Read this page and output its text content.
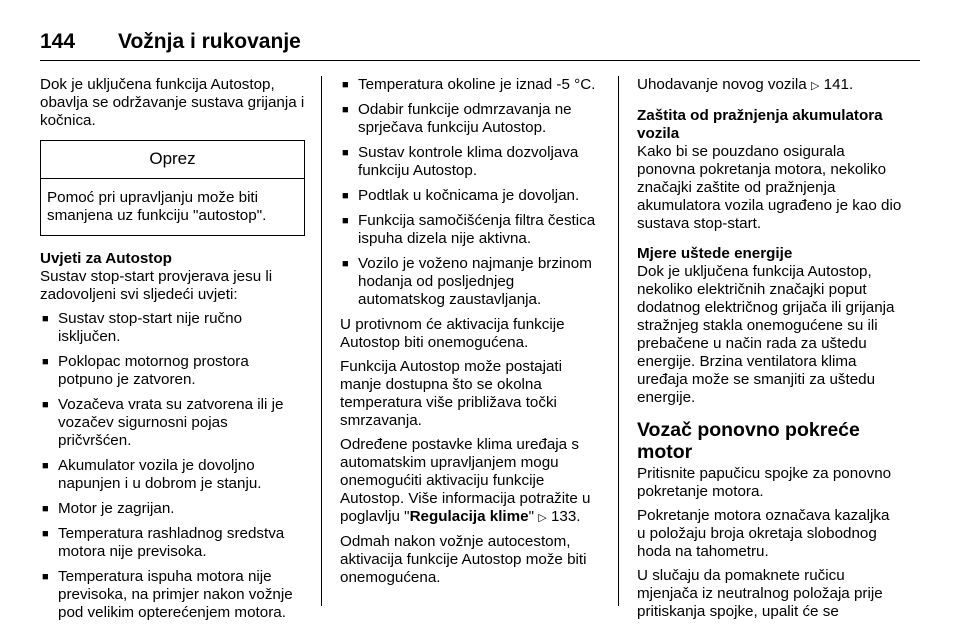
144	Vožnja i rukovanje

Dok je uključena funkcija Autostop, obavlja se održavanje sustava grijanja i kočnica.

Oprez
Pomoć pri upravljanju može biti smanjena uz funkciju "autostop".
Uvjeti za Autostop

Sustav stop-start provjerava jesu li zadovoljeni svi sljedeći uvjeti:

■ Sustav stop-start nije ručno isključen.
■ Poklopac motornog prostora potpuno je zatvoren.
■ Vozačeva vrata su zatvorena ili je vozačev sigurnosni pojas pričvršćen.
■ Akumulator vozila je dovoljno napunjen i u dobrom je stanju.
■ Motor je zagrijan.
■ Temperatura rashladnog sredstva motora nije previsoka.
■ Temperatura ispuha motora nije previsoka, na primjer nakon vožnje pod velikim opterećenjem motora.
■ Temperatura okoline je iznad -5 °C.
■ Odabir funkcije odmrzavanja ne sprječava funkciju Autostop.
■ Sustav kontrole klima dozvoljava funkciju Autostop.
■ Podtlak u kočnicama je dovoljan.
■ Funkcija samočišćenja filtra čestica ispuha dizela nije aktivna.
■ Vozilo je voženo najmanje brzinom hodanja od posljednjeg automatskog zaustavljanja.

U protivnom će aktivacija funkcije Autostop biti onemogućena.

Funkcija Autostop može postajati manje dostupna što se okolna temperatura više približava točki smrzavanja.

Određene postavke klima uređaja s automatskim upravljanjem mogu onemogućiti aktivaciju funkcije Autostop. Više informacija potražite u poglavlju "Regulacija klime" ▷ 133.

Odmah nakon vožnje autocestom, aktivacija funkcije Autostop može biti onemogućena.

Uhodavanje novog vozila ▷ 141.

Zaštita od pražnjenja akumulatora vozila

Kako bi se pouzdano osigurala ponovna pokretanja motora, nekoliko značajki zaštite od pražnjenja akumulatora vozila ugrađeno je kao dio sustava stop-start.

Mjere uštede energije

Dok je uključena funkcija Autostop, nekoliko električnih značajki poput dodatnog električnog grijača ili grijanja stražnjeg stakla onemogućene su ili prebačene u način rada za uštedu energije. Brzina ventilatora klima uređaja može se smanjiti za uštedu energije.

Vozač ponovno pokreće motor

Pritisnite papučicu spojke za ponovno pokretanje motora.

Pokretanje motora označava kazaljka u položaju broja okretaja slobodnog hoda na tahometru.

U slučaju da pomaknete ručicu mjenjača iz neutralnog položaja prije pritiskanja spojke, upalit će se
